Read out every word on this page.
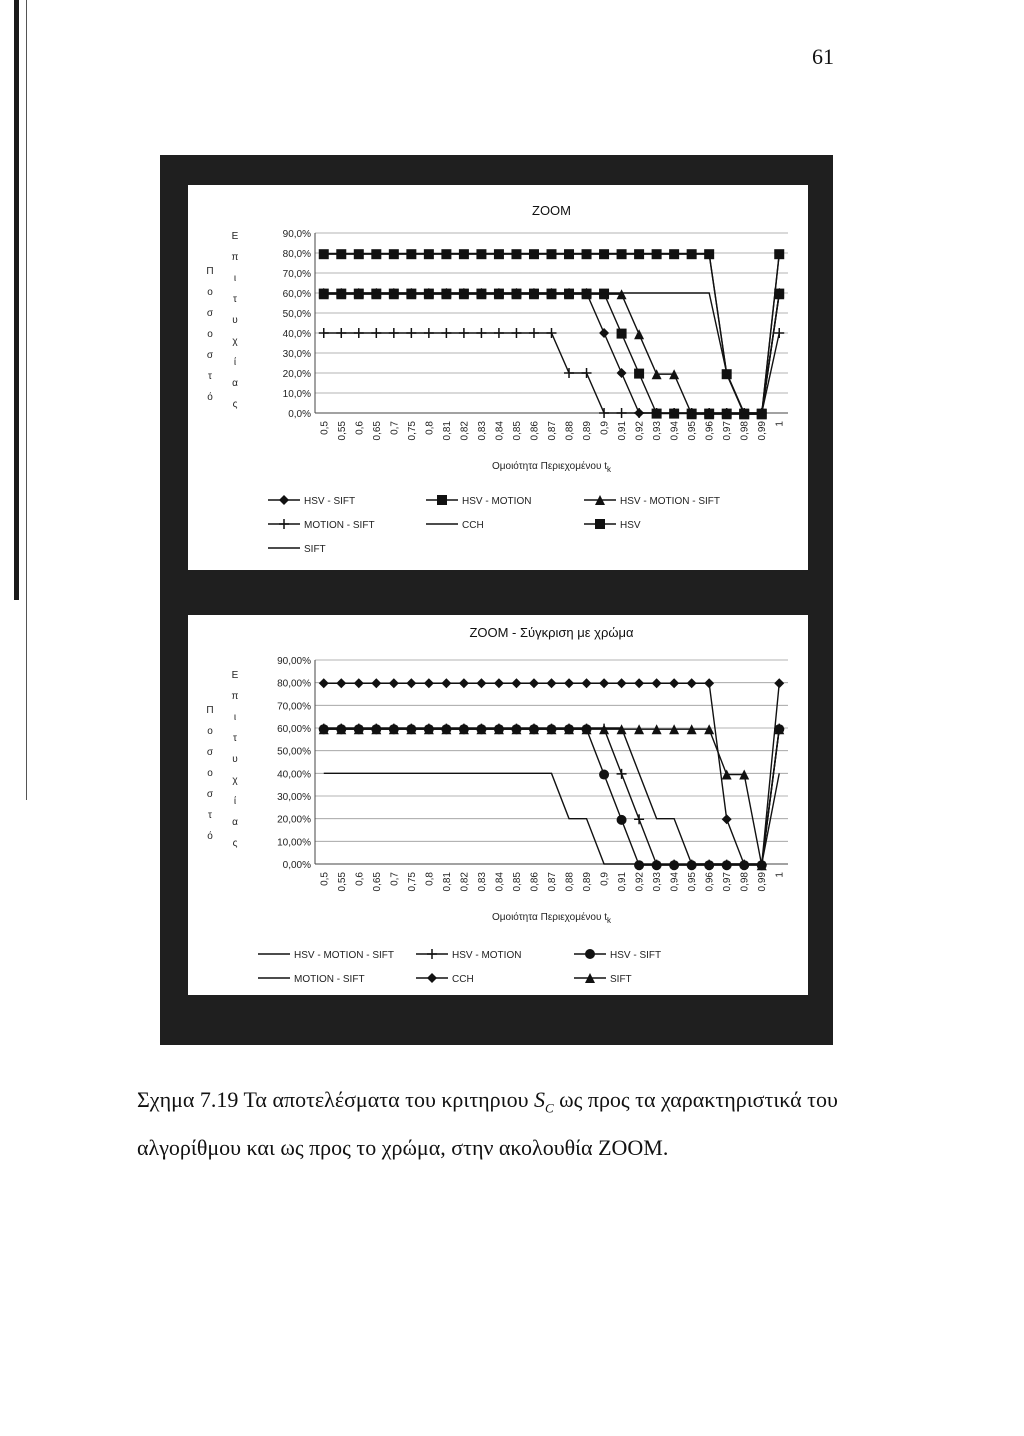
61
ZOOM
0,0%
10,0%
20,0%
30,0%
40,0%
50,0%
60,0%
70,0%
80,0%
90,0%
0,5 0,55 0,6 0,65 0,7 0,75 0,8 0,81 0,82 0,83 0,84 0,85 0,86 0,87 0,88 0,89 0,9 0,91 0,92 0,93 0,94 0,95 0,96 0,97 0,98 0,99 1
Π
ο
σ
ο
σ
τ
ό
Ε
π
ι
τ
υ
χ
ί
α
ς
Ομοιότητα Περιεχομένου $t_k$
HSV - SIFT	HSV - MOTION	HSV - MOTION - SIFT
MOTION - SIFT	CCH	HSV
SIFT
ZOOM - Σύγκριση με χρώμα
0,00%
10,00%
20,00%
30,00%
40,00%
50,00%
60,00%
70,00%
80,00%
90,00%
0,5 0,55 0,6 0,65 0,7 0,75 0,8 0,81 0,82 0,83 0,84 0,85 0,86 0,87 0,88 0,89 0,9 0,91 0,92 0,93 0,94 0,95 0,96 0,97 0,98 0,99 1
Π
ο
σ
ο
σ
τ
ό
Ε
π
ι
τ
υ
χ
ί
α
ς
Ομοιότητα Περιεχομένου $t_k$
HSV - MOTION - SIFT	HSV - MOTION	HSV - SIFT
MOTION - SIFT	CCH	SIFT
Σχημα 7.19 Τα αποτελέσματα του κριτηριου $S_C$ ως προς τα χαρακτηριστικά του αλγορίθμου και ως προς το χρώμα, στην ακολουθία ZOOM.
